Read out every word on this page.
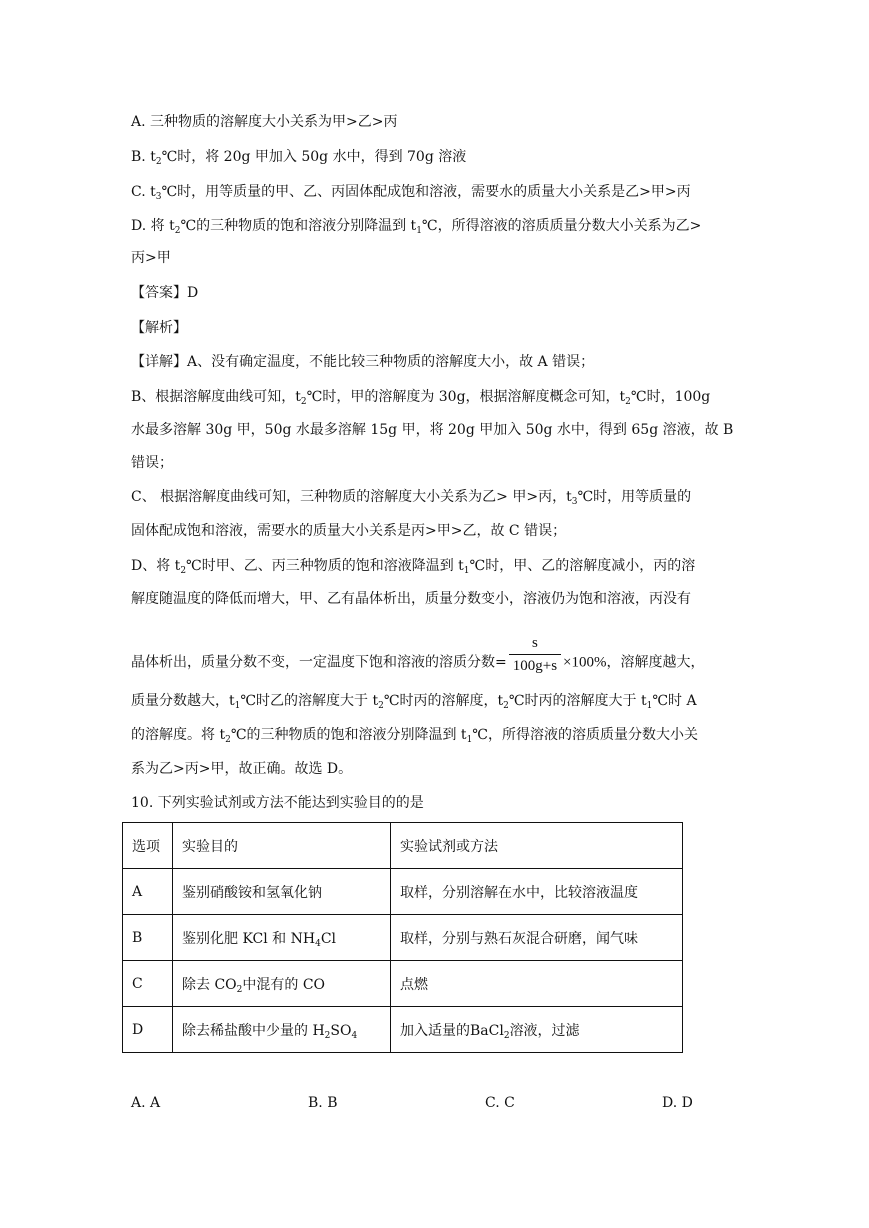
A. 三种物质的溶解度大小关系为甲>乙>丙
B. $t_2℃$时，将 20g 甲加入 50g 水中，得到 70g 溶液
C. $t_3℃$时，用等质量的甲、乙、丙固体配成饱和溶液，需要水的质量大小关系是乙>甲>丙
D. 将 $t_2℃$的三种物质的饱和溶液分别降温到 $t_1℃$，所得溶液的溶质质量分数大小关系为乙>
丙>甲
【答案】D
【解析】
【详解】A、没有确定温度，不能比较三种物质的溶解度大小，故 A 错误；
B、根据溶解度曲线可知，$t_2℃$时，甲的溶解度为 30g，根据溶解度概念可知，$t_2℃$时，100g
水最多溶解 30g 甲，50g 水最多溶解 15g 甲，将 20g 甲加入 50g 水中，得到 65g 溶液，故 B
错误；
C、 根据溶解度曲线可知，三种物质的溶解度大小关系为乙> 甲>丙，$t_3℃$时，用等质量的
固体配成饱和溶液，需要水的质量大小关系是丙>甲>乙，故 C 错误；
D、将 $t_2℃$时甲、乙、丙三种物质的饱和溶液降温到 $t_1℃$时，甲、乙的溶解度减小，丙的溶
解度随温度的降低而增大，甲、乙有晶体析出，质量分数变小，溶液仍为饱和溶液，丙没有
晶体析出，质量分数不变，一定温度下饱和溶液的溶质分数= $\frac{s}{100g+s} \times 100\%$，溶解度越大，
质量分数越大，$t_1℃$时乙的溶解度大于 $t_2℃$时丙的溶解度，$t_2℃$时丙的溶解度大于 $t_1℃$时 A
的溶解度。将 $t_2℃$的三种物质的饱和溶液分别降温到 $t_1℃$，所得溶液的溶质质量分数大小关
系为乙>丙>甲，故正确。故选 D。
10. 下列实验试剂或方法不能达到实验目的的是
选项	实验目的	实验试剂或方法
A	鉴别硝酸铵和氢氧化钠	取样，分别溶解在水中，比较溶液温度
B	鉴别化肥 KCl 和 $NH_4Cl$	取样，分别与熟石灰混合研磨，闻气味
C	除去 $CO_2$中混有的 CO	点燃
D	除去稀盐酸中少量的 $H_2SO_4$	加入适量的BaCl$_2$溶液，过滤
A. A	B. B	C. C	D. D
